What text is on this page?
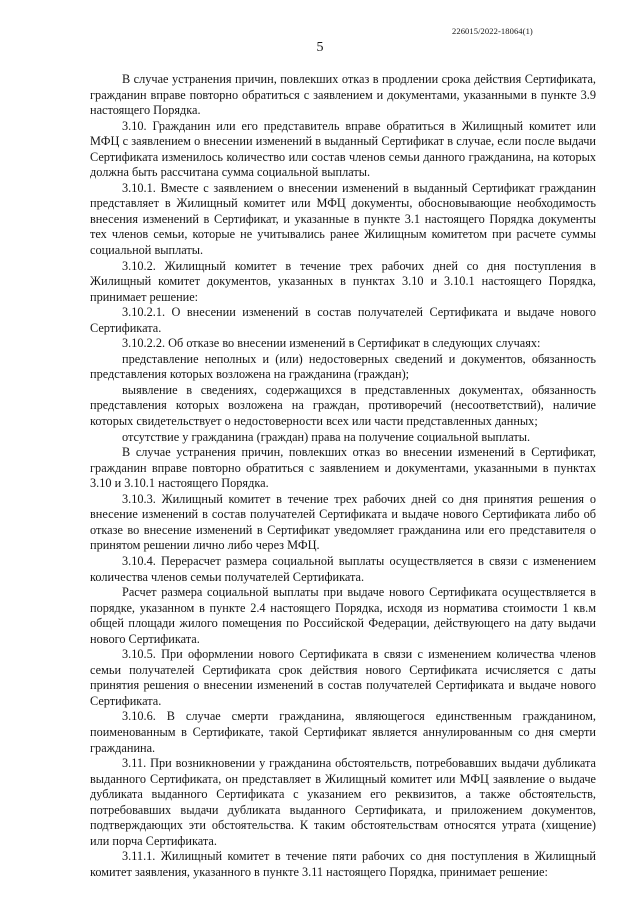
226015/2022-18064(1)
5

В случае устранения причин, повлекших отказ в продлении срока действия Сертификата, гражданин вправе повторно обратиться с заявлением и документами, указанными в пункте 3.9 настоящего Порядка.

3.10. Гражданин или его представитель вправе обратиться в Жилищный комитет или МФЦ с заявлением о внесении изменений в выданный Сертификат в случае, если после выдачи Сертификата изменилось количество или состав членов семьи данного гражданина, на которых должна быть рассчитана сумма социальной выплаты.

3.10.1. Вместе с заявлением о внесении изменений в выданный Сертификат гражданин представляет в Жилищный комитет или МФЦ документы, обосновывающие необходимость внесения изменений в Сертификат, и указанные в пункте 3.1 настоящего Порядка документы тех членов семьи, которые не учитывались ранее Жилищным комитетом при расчете суммы социальной выплаты.

3.10.2. Жилищный комитет в течение трех рабочих дней со дня поступления в Жилищный комитет документов, указанных в пунктах 3.10 и 3.10.1 настоящего Порядка, принимает решение:

3.10.2.1. О внесении изменений в состав получателей Сертификата и выдаче нового Сертификата.

3.10.2.2. Об отказе во внесении изменений в Сертификат в следующих случаях:

представление неполных и (или) недостоверных сведений и документов, обязанность представления которых возложена на гражданина (граждан);

выявление в сведениях, содержащихся в представленных документах, обязанность представления которых возложена на граждан, противоречий (несоответствий), наличие которых свидетельствует о недостоверности всех или части представленных данных;

отсутствие у гражданина (граждан) права на получение социальной выплаты.

В случае устранения причин, повлекших отказ во внесении изменений в Сертификат, гражданин вправе повторно обратиться с заявлением и документами, указанными в пунктах 3.10 и 3.10.1 настоящего Порядка.

3.10.3. Жилищный комитет в течение трех рабочих дней со дня принятия решения о внесение изменений в состав получателей Сертификата и выдаче нового Сертификата либо об отказе во внесение изменений в Сертификат уведомляет гражданина или его представителя о принятом решении лично либо через МФЦ.

3.10.4. Перерасчет размера социальной выплаты осуществляется в связи с изменением количества членов семьи получателей Сертификата.

Расчет размера социальной выплаты при выдаче нового Сертификата осуществляется в порядке, указанном в пункте 2.4 настоящего Порядка, исходя из норматива стоимости 1 кв.м общей площади жилого помещения по Российской Федерации, действующего на дату выдачи нового Сертификата.

3.10.5. При оформлении нового Сертификата в связи с изменением количества членов семьи получателей Сертификата срок действия нового Сертификата исчисляется с даты принятия решения о внесении изменений в состав получателей Сертификата и выдаче нового Сертификата.

3.10.6. В случае смерти гражданина, являющегося единственным гражданином, поименованным в Сертификате, такой Сертификат является аннулированным со дня смерти гражданина.

3.11. При возникновении у гражданина обстоятельств, потребовавших выдачи дубликата выданного Сертификата, он представляет в Жилищный комитет или МФЦ заявление о выдаче дубликата выданного Сертификата с указанием его реквизитов, а также обстоятельств, потребовавших выдачи дубликата выданного Сертификата, и приложением документов, подтверждающих эти обстоятельства. К таким обстоятельствам относятся утрата (хищение) или порча Сертификата.

3.11.1. Жилищный комитет в течение пяти рабочих со дня поступления в Жилищный комитет заявления, указанного в пункте 3.11 настоящего Порядка, принимает решение:
